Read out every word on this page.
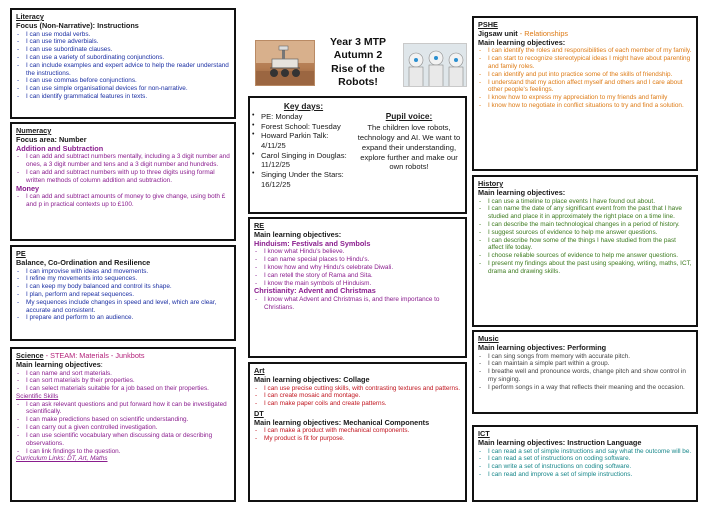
Literacy
Focus (Non-Narrative): Instructions
- I can use modal verbs.
- I can use time adverbials.
- I can use subordinate clauses.
- I can use a variety of subordinating conjunctions.
- I can include examples and expert advice to help the reader understand the instructions.
- I can use commas before conjunctions.
- I can use simple organisational devices for non-narrative.
- I can identify grammatical features in texts.
Numeracy
Focus area: Number
Addition and Subtraction
- I can add and subtract numbers mentally, including a 3 digit number and ones, a 3 digit number and tens and a 3 digit number and hundreds.
- I can add and subtract numbers with up to three digits using formal written methods of column addition and subtraction.
Money
- I can add and subtract amounts of money to give change, using both £ and p in practical contexts up to £100.
PE
Balance, Co-Ordination and Resilience
- I can improvise with ideas and movements.
- I refine my movements into sequences.
- I can keep my body balanced and control its shape.
- I plan, perform and repeat sequences.
- My sequences include changes in speed and level, which are clear, accurate and consistent.
- I prepare and perform to an audience.
Science - STEAM: Materials - Junkbots
Main learning objectives:
- I can name and sort materials.
- I can sort materials by their properties.
- I can select materials suitable for a job based on their properties.
Scientific Skills
- I can ask relevant questions and put forward how it can be investigated scientifically.
- I can make predictions based on scientific understanding.
- I can carry out a given controlled investigation.
- I can use scientific vocabulary when discussing data or describing observations.
- I can link findings to the question.
Curriculum Links: DT, Art, Maths
Year 3 MTP
Autumn 2
Rise of the
Robots!
Key days:
• PE: Monday
• Forest School: Tuesday
• Howard Parkin Talk: 4/11/25
• Carol Singing in Douglas: 11/12/25
• Singing Under the Stars: 16/12/25
Pupil voice:
The children love robots, technology and AI. We want to expand their understanding, explore further and make our own robots!
RE
Main learning objectives:
Hinduism: Festivals and Symbols
- I know what Hindu's believe.
- I can name special places to Hindu's.
- I know how and why Hindu's celebrate Diwali.
- I can retell the story of Rama and Sita.
- I know the main symbols of Hinduism.
Christianity: Advent and Christmas
- I know what Advent and Christmas is, and there importance to Christians.
Art
Main learning objectives: Collage
- I can use precise cutting skills, with contrasting textures and patterns.
- I can create mosaic and montage.
- I can make paper coils and create patterns.
DT
Main learning objectives: Mechanical Components
- I can make a product with mechanical components.
- My product is fit for purpose.
PSHE
Jigsaw unit - Relationships
Main learning objectives:
- I can identify the roles and responsibilities of each member of my family.
- I can start to recognize stereotypical ideas I might have about parenting and family roles.
- I can identify and put into practice some of the skills of friendship.
- I understand that my action affect myself and others and I care about other people's feelings.
- I know how to express my appreciation to my friends and family
- I know how to negotiate in conflict situations to try and find a solution.
History
Main learning objectives:
- I can use a timeline to place events I have found out about.
- I can name the date of any significant event from the past that I have studied and place it in approximately the right place on a time line.
- I can describe the main technological changes in a period of history.
- I suggest sources of evidence to help me answer questions.
- I can describe how some of the things I have studied from the past affect life today.
- I choose reliable sources of evidence to help me answer questions.
- I present my findings about the past using speaking, writing, maths, ICT, drama and drawing skills.
Music
Main learning objectives: Performing
- I can sing songs from memory with accurate pitch.
- I can maintain a simple part within a group.
- I breathe well and pronounce words, change pitch and show control in my singing.
- I perform songs in a way that reflects their meaning and the occasion.
ICT
Main learning objectives: Instruction Language
- I can read a set of simple instructions and say what the outcome will be.
- I can read a set of instructions on coding software.
- I can write a set of instructions on coding software.
- I can read and improve a set of simple instructions.
